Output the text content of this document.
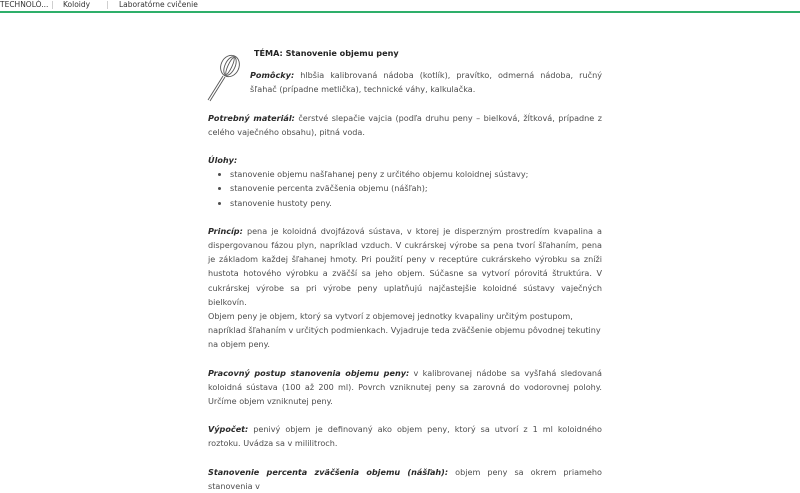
TECHNOLÓ... Koloidy	Laboratórne cvičenie

TÉMA: Stanovenie objemu peny

Pomôcky: hlbšia kalibrovaná nádoba (kotlík), pravítko, odmerná nádoba, ručný šľahač (prípadne metlička), technické váhy, kalkulačka.

Potrebný materiál: čerstvé slepačie vajcia (podľa druhu peny – bielková, žĺtková, prípadne z celého vaječného obsahu), pitná voda.

Úlohy:

• stanovenie objemu našľahanej peny z určitého objemu koloidnej sústavy;
• stanovenie percenta zväčšenia objemu (nášľah);
• stanovenie hustoty peny.

Princíp: pena je koloidná dvojfázová sústava, v ktorej je disperzným prostredím kvapalina a dispergovanou fázou plyn, napríklad vzduch. V cukrárskej výrobe sa pena tvorí šľahaním, pena je základom každej šľahanej hmoty. Pri použití peny v receptúre cukrárskeho výrobku sa zníži hustota hotového výrobku a zväčší sa jeho objem. Súčasne sa vytvorí pórovitá štruktúra. V cukrárskej výrobe sa pri výrobe peny uplatňujú najčastejšie koloidné sústavy vaječných bielkovín.

Objem peny je objem, ktorý sa vytvorí z objemovej jednotky kvapaliny určitým postupom, napríklad šľahaním v určitých podmienkach. Vyjadruje teda zväčšenie objemu pôvodnej tekutiny na objem peny.

Pracovný postup stanovenia objemu peny: v kalibrovanej nádobe sa vyšľahá sledovaná koloidná sústava (100 až 200 ml). Povrch vzniknutej peny sa zarovná do vodorovnej polohy. Určíme objem vzniknutej peny.

Výpočet: penivý objem je definovaný ako objem peny, ktorý sa utvorí z 1 ml koloidného roztoku. Uvádza sa v mililitroch.

Stanovenie percenta zväčšenia objemu (nášľah): objem peny sa okrem priameho stanovenia v
